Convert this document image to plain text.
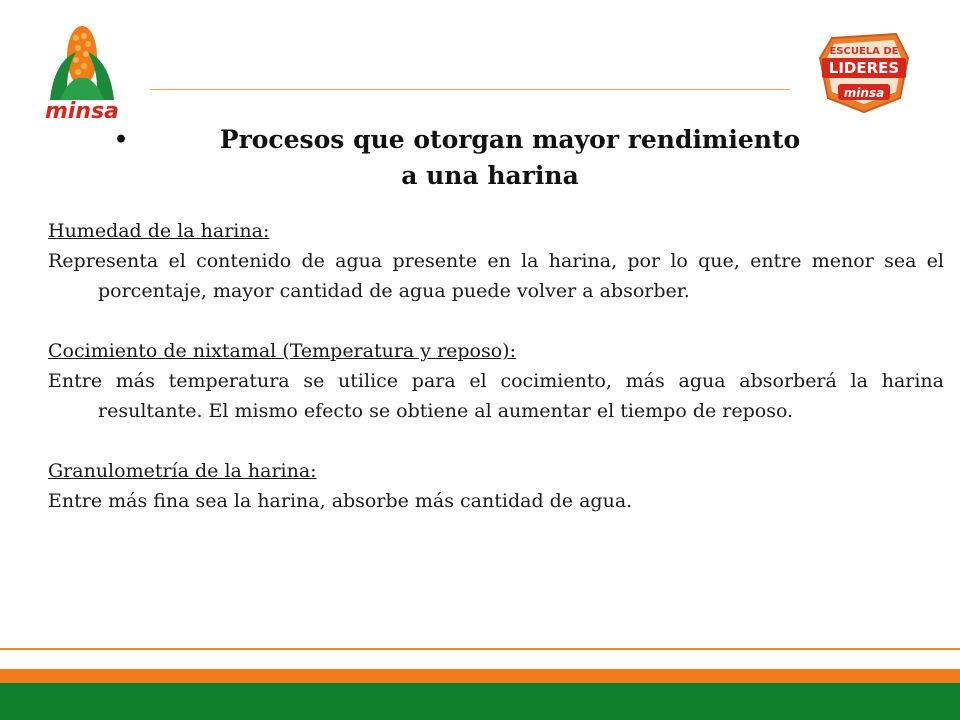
minsa
ESCUELA DE
LIDERES
minsa
•	Procesos que otorgan mayor rendimiento
a una harina
Humedad de la harina:

Representa el contenido de agua presente en la harina, por lo que, entre menor sea el porcentaje, mayor cantidad de agua puede volver a absorber.

Cocimiento de nixtamal (Temperatura y reposo):

Entre más temperatura se utilice para el cocimiento, más agua absorberá la harina resultante. El mismo efecto se obtiene al aumentar el tiempo de reposo.

Granulometría de la harina:

Entre más fina sea la harina, absorbe más cantidad de agua.
